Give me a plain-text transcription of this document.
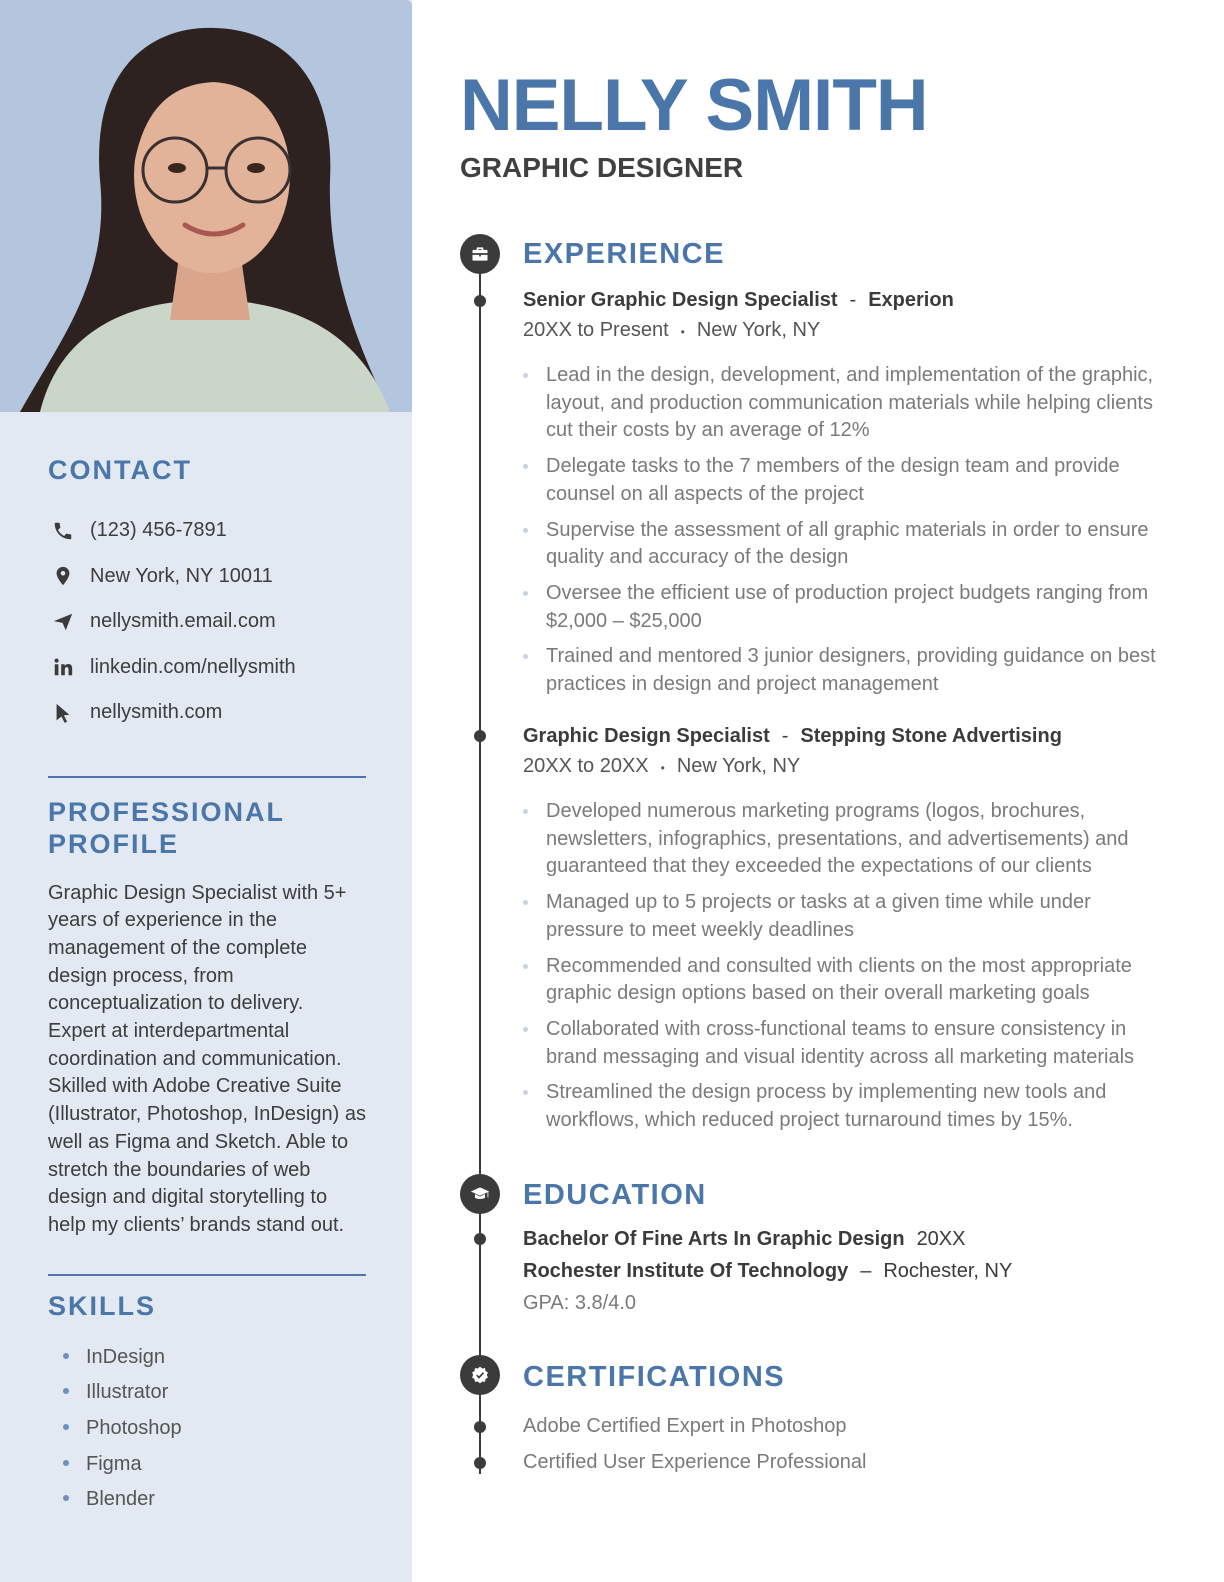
CONTACT
(123) 456-7891
New York, NY 10011
nellysmith.email.com
linkedin.com/nellysmith
nellysmith.com
PROFESSIONAL PROFILE

Graphic Design Specialist with 5+ years of experience in the management of the complete design process, from conceptualization to delivery. Expert at interdepartmental coordination and communication. Skilled with Adobe Creative Suite (Illustrator, Photoshop, InDesign) as well as Figma and Sketch. Able to stretch the boundaries of web design and digital storytelling to help my clients’ brands stand out.

SKILLS
InDesign
Illustrator
Photoshop
Figma
Blender
NELLY SMITH
GRAPHIC DESIGNER
EXPERIENCE
Senior Graphic Design Specialist - Experion
20XX to Present • New York, NY
Lead in the design, development, and implementation of the graphic, layout, and production communication materials while helping clients cut their costs by an average of 12%
Delegate tasks to the 7 members of the design team and provide counsel on all aspects of the project
Supervise the assessment of all graphic materials in order to ensure quality and accuracy of the design
Oversee the efficient use of production project budgets ranging from $2,000 – $25,000
Trained and mentored 3 junior designers, providing guidance on best practices in design and project management
Graphic Design Specialist - Stepping Stone Advertising
20XX to 20XX • New York, NY
Developed numerous marketing programs (logos, brochures, newsletters, infographics, presentations, and advertisements) and guaranteed that they exceeded the expectations of our clients
Managed up to 5 projects or tasks at a given time while under pressure to meet weekly deadlines
Recommended and consulted with clients on the most appropriate graphic design options based on their overall marketing goals
Collaborated with cross-functional teams to ensure consistency in brand messaging and visual identity across all marketing materials
Streamlined the design process by implementing new tools and workflows, which reduced project turnaround times by 15%.
EDUCATION
Bachelor Of Fine Arts In Graphic Design 20XX
Rochester Institute Of Technology – Rochester, NY
GPA: 3.8/4.0
CERTIFICATIONS
Adobe Certified Expert in Photoshop
Certified User Experience Professional
